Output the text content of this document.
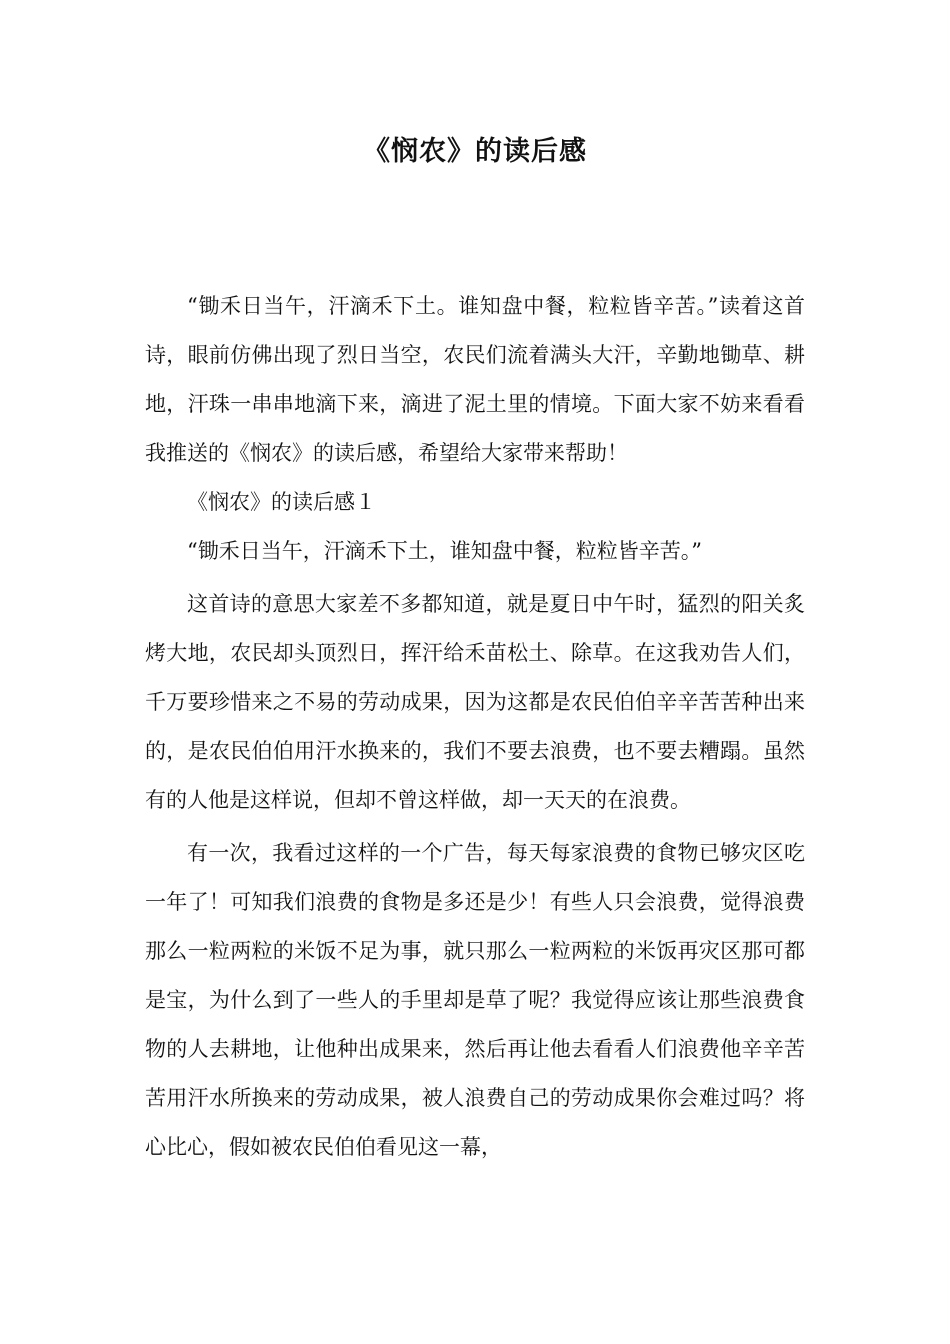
《悯农》的读后感

“锄禾日当午，汗滴禾下土。谁知盘中餐，粒粒皆辛苦。”读着这首诗，眼前仿佛出现了烈日当空，农民们流着满头大汗，辛勤地锄草、耕地，汗珠一串串地滴下来，滴进了泥土里的情境。下面大家不妨来看看我推送的《悯农》的读后感，希望给大家带来帮助！

《悯农》的读后感１

“锄禾日当午，汗滴禾下土，谁知盘中餐，粒粒皆辛苦。”

这首诗的意思大家差不多都知道，就是夏日中午时，猛烈的阳关炙烤大地，农民却头顶烈日，挥汗给禾苗松土、除草。在这我劝告人们，千万要珍惜来之不易的劳动成果，因为这都是农民伯伯辛辛苦苦种出来的，是农民伯伯用汗水换来的，我们不要去浪费，也不要去糟蹋。虽然有的人他是这样说，但却不曾这样做，却一天天的在浪费。

有一次，我看过这样的一个广告，每天每家浪费的食物已够灾区吃一年了！可知我们浪费的食物是多还是少！有些人只会浪费，觉得浪费那么一粒两粒的米饭不足为事，就只那么一粒两粒的米饭再灾区那可都是宝，为什么到了一些人的手里却是草了呢？我觉得应该让那些浪费食物的人去耕地，让他种出成果来，然后再让他去看看人们浪费他辛辛苦苦用汗水所换来的劳动成果，被人浪费自己的劳动成果你会难过吗？将心比心，假如被农民伯伯看见这一幕，
